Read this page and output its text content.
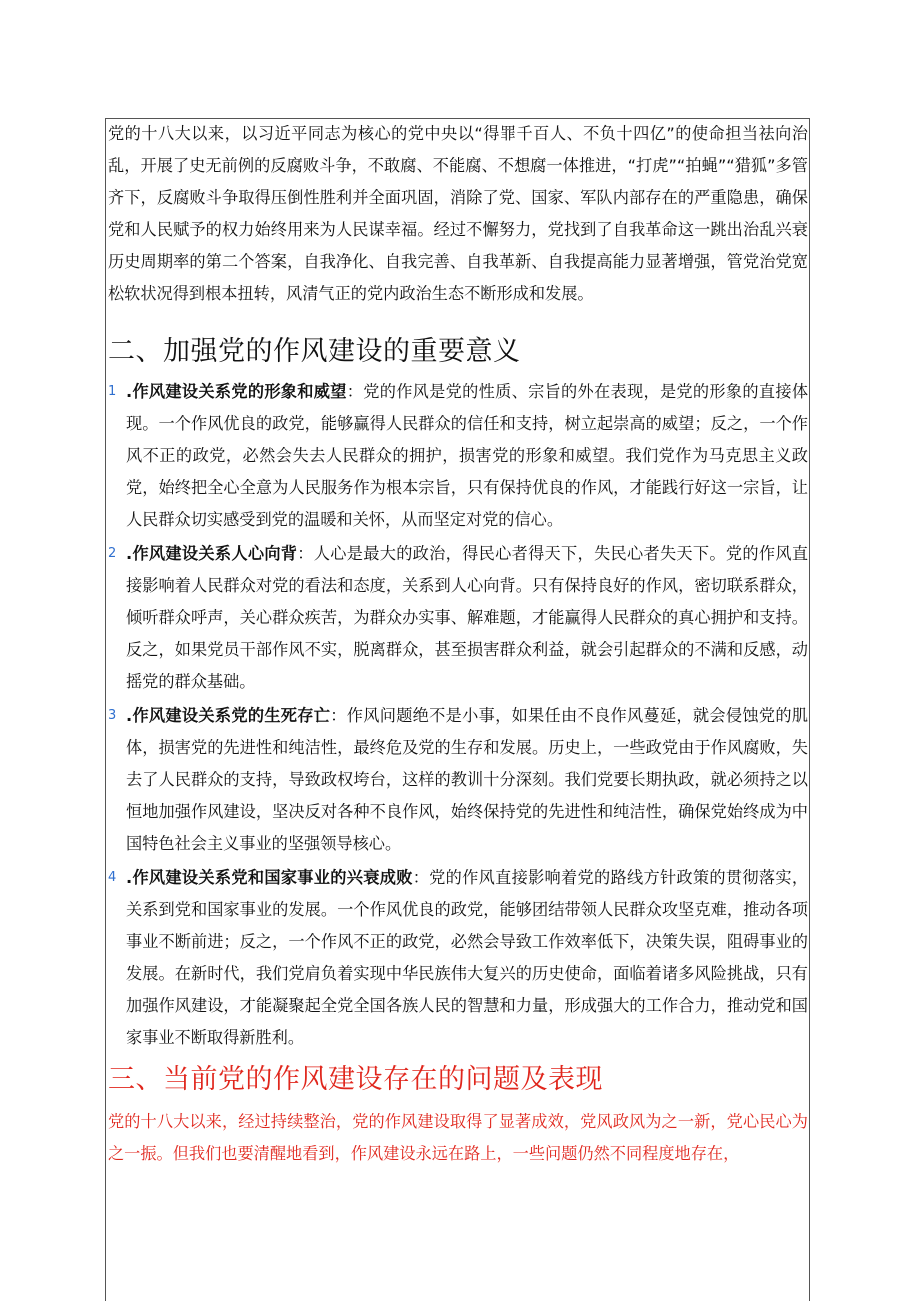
党的十八大以来，以习近平同志为核心的党中央以“得罪千百人、不负十四亿”的使命担当祛向治乱，开展了史无前例的反腐败斗争，不敢腐、不能腐、不想腐一体推进，“打虎”“拍蝇”“猎狐”多管齐下，反腐败斗争取得压倒性胜利并全面巩固，消除了党、国家、军队内部存在的严重隐患，确保党和人民赋予的权力始终用来为人民谋幸福。经过不懈努力，党找到了自我革命这一跳出治乱兴衰历史周期率的第二个答案，自我净化、自我完善、自我革新、自我提高能力显著增强，管党治党宽松软状况得到根本扭转，风清气正的党内政治生态不断形成和发展。

二、加强党的作风建设的重要意义
1 .作风建设关系党的形象和威望：党的作风是党的性质、宗旨的外在表现，是党的形象的直接体现。一个作风优良的政党，能够赢得人民群众的信任和支持，树立起崇高的威望；反之，一个作风不正的政党，必然会失去人民群众的拥护，损害党的形象和威望。我们党作为马克思主义政党，始终把全心全意为人民服务作为根本宗旨，只有保持优良的作风，才能践行好这一宗旨，让人民群众切实感受到党的温暖和关怀，从而坚定对党的信心。

2 .作风建设关系人心向背：人心是最大的政治，得民心者得天下，失民心者失天下。党的作风直接影响着人民群众对党的看法和态度，关系到人心向背。只有保持良好的作风，密切联系群众，倾听群众呼声，关心群众疾苦，为群众办实事、解难题，才能赢得人民群众的真心拥护和支持。反之，如果党员干部作风不实，脱离群众，甚至损害群众利益，就会引起群众的不满和反感，动摇党的群众基础。

3 .作风建设关系党的生死存亡：作风问题绝不是小事，如果任由不良作风蔓延，就会侵蚀党的肌体，损害党的先进性和纯洁性，最终危及党的生存和发展。历史上，一些政党由于作风腐败，失去了人民群众的支持，导致政权垮台，这样的教训十分深刻。我们党要长期执政，就必须持之以恒地加强作风建设，坚决反对各种不良作风，始终保持党的先进性和纯洁性，确保党始终成为中国特色社会主义事业的坚强领导核心。

4 .作风建设关系党和国家事业的兴衰成败：党的作风直接影响着党的路线方针政策的贯彻落实，关系到党和国家事业的发展。一个作风优良的政党，能够团结带领人民群众攻坚克难，推动各项事业不断前进；反之，一个作风不正的政党，必然会导致工作效率低下，决策失误，阻碍事业的发展。在新时代，我们党肩负着实现中华民族伟大复兴的历史使命，面临着诸多风险挑战，只有加强作风建设，才能凝聚起全党全国各族人民的智慧和力量，形成强大的工作合力，推动党和国家事业不断取得新胜利。

三、当前党的作风建设存在的问题及表现

党的十八大以来，经过持续整治，党的作风建设取得了显著成效，党风政风为之一新，党心民心为之一振。但我们也要清醒地看到，作风建设永远在路上，一些问题仍然不同程度地存在，
